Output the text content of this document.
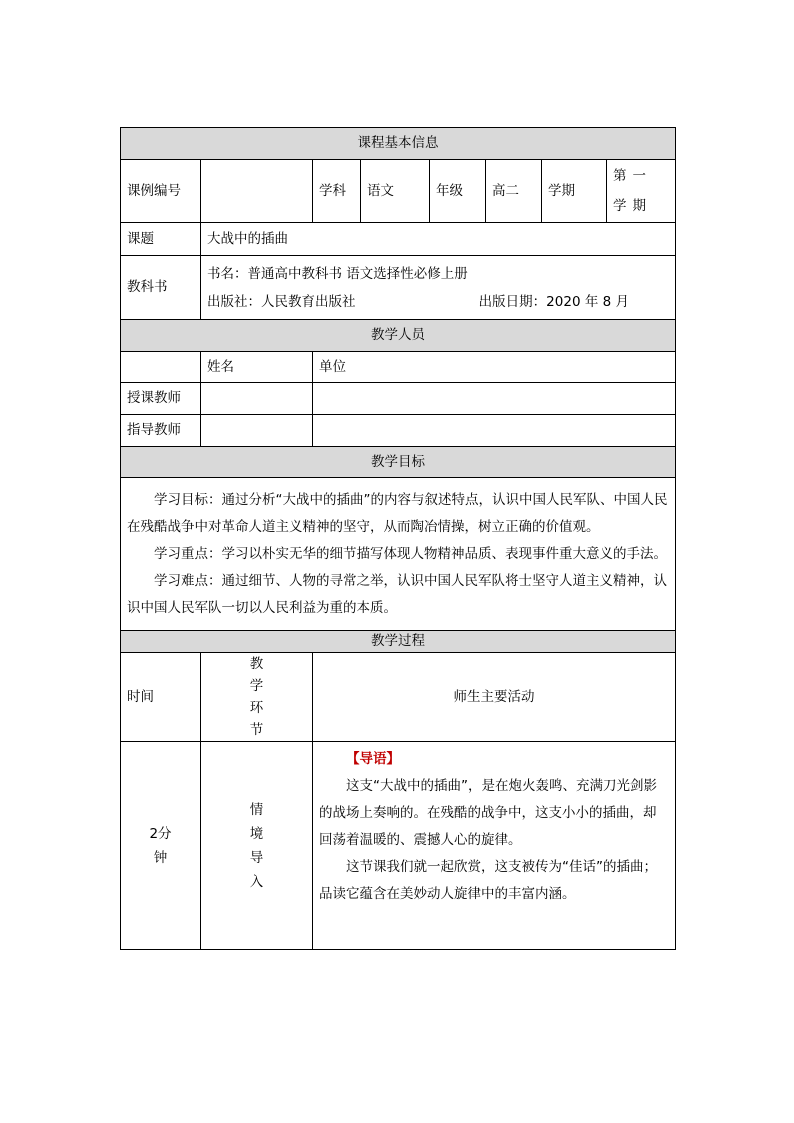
课程基本信息							
课例编号		学科	语文	年级	高二	学期	第一学期
课题	大战中的插曲						
教科书	书名：普通高中教科书 语文选择性必修上册
出版社：人民教育出版社 出版日期：2020 年 8 月						

教学人员							
	姓名	单位					
授课教师							
指导教师							
教学目标							

学习目标：通过分析“大战中的插曲”的内容与叙述特点，认识中国人民军队、中国人民在残酷战争中对革命人道主义精神的坚守，从而陶冶情操，树立正确的价值观。

学习重点：学习以朴实无华的细节描写体现人物精神品质、表现事件重大意义的手法。

学习难点：通过细节、人物的寻常之举，认识中国人民军队将士坚守人道主义精神，认识中国人民军队一切以人民利益为重的本质。							

教学过程							
时间	教学环节	师生主要活动					
2分钟	情境导入	【导语】

这支“大战中的插曲”，是在炮火轰鸣、充满刀光剑影的战场上奏响的。在残酷的战争中，这支小小的插曲，却回荡着温暖的、震撼人心的旋律。

这节课我们就一起欣赏，这支被传为“佳话”的插曲；品读它蕴含在美妙动人旋律中的丰富内涵。					
